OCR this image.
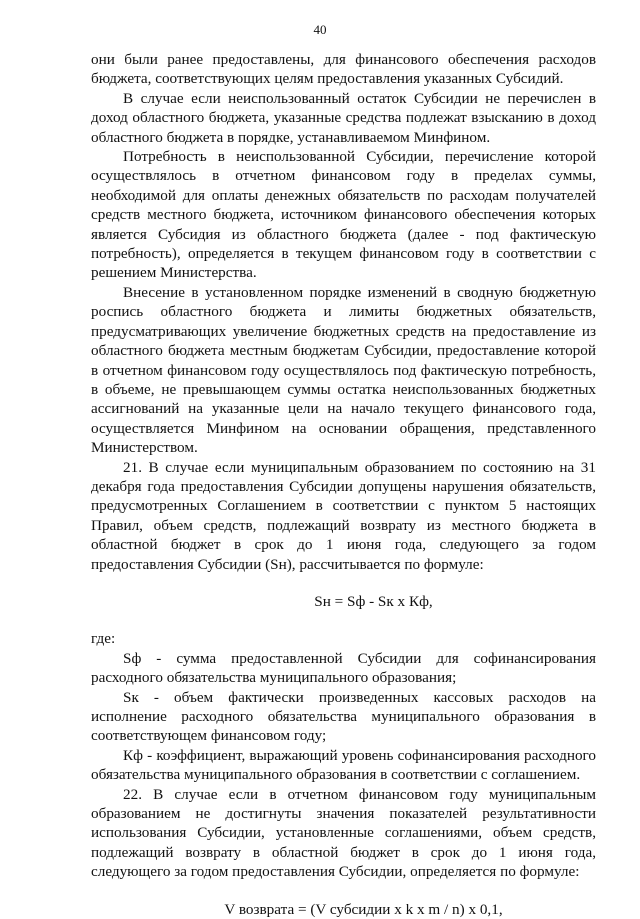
40

они были ранее предоставлены, для финансового обеспечения расходов бюджета, соответствующих целям предоставления указанных Субсидий.

В случае если неиспользованный остаток Субсидии не перечислен в доход областного бюджета, указанные средства подлежат взысканию в доход областного бюджета в порядке, устанавливаемом Минфином.

Потребность в неиспользованной Субсидии, перечисление которой осуществлялось в отчетном финансовом году в пределах суммы, необходимой для оплаты денежных обязательств по расходам получателей средств местного бюджета, источником финансового обеспечения которых является Субсидия из областного бюджета (далее - под фактическую потребность), определяется в текущем финансовом году в соответствии с решением Министерства.

Внесение в установленном порядке изменений в сводную бюджетную роспись областного бюджета и лимиты бюджетных обязательств, предусматривающих увеличение бюджетных средств на предоставление из областного бюджета местным бюджетам Субсидии, предоставление которой в отчетном финансовом году осуществлялось под фактическую потребность, в объеме, не превышающем суммы остатка неиспользованных бюджетных ассигнований на указанные цели на начало текущего финансового года, осуществляется Минфином на основании обращения, представленного Министерством.

21. В случае если муниципальным образованием по состоянию на 31 декабря года предоставления Субсидии допущены нарушения обязательств, предусмотренных Соглашением в соответствии с пунктом 5 настоящих Правил, объем средств, подлежащий возврату из местного бюджета в областной бюджет в срок до 1 июня года, следующего за годом предоставления Субсидии (Sн), рассчитывается по формуле:

Sн = Sф - Sк x Кф,

где:

Sф - сумма предоставленной Субсидии для софинансирования расходного обязательства муниципального образования;

Sк - объем фактически произведенных кассовых расходов на исполнение расходного обязательства муниципального образования в соответствующем финансовом году;

Кф - коэффициент, выражающий уровень софинансирования расходного обязательства муниципального образования в соответствии с соглашением.

22. В случае если в отчетном финансовом году муниципальным образованием не достигнуты значения показателей результативности использования Субсидии, установленные соглашениями, объем средств, подлежащий возврату в областной бюджет в срок до 1 июня года, следующего за годом предоставления Субсидии, определяется по формуле:

V возврата = (V субсидии x k x m / n) x 0,1,
